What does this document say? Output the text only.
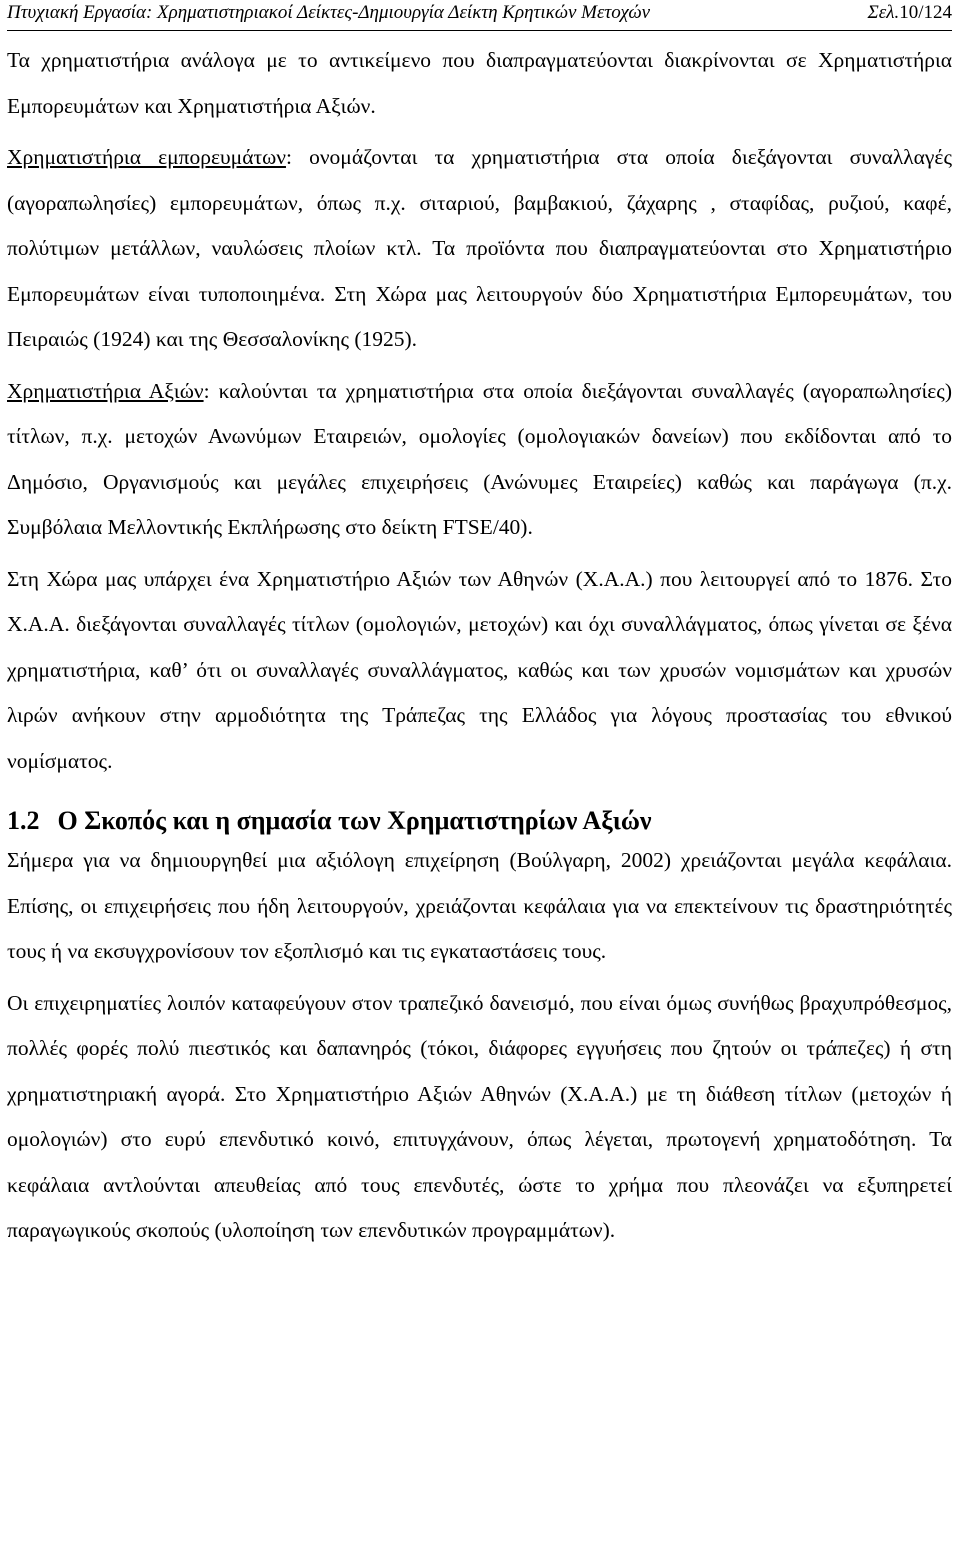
Πτυχιακή Εργασία: Χρηματιστηριακοί Δείκτες-Δημιουργία Δείκτη Κρητικών Μετοχών	Σελ.10/124

Τα χρηματιστήρια ανάλογα με το αντικείμενο που διαπραγματεύονται διακρίνονται σε Χρηματιστήρια Εμπορευμάτων και Χρηματιστήρια Αξιών.

Χρηματιστήρια εμπορευμάτων: ονομάζονται τα χρηματιστήρια στα οποία διεξάγονται συναλλαγές (αγοραπωλησίες) εμπορευμάτων, όπως π.χ. σιταριού, βαμβακιού, ζάχαρης , σταφίδας, ρυζιού, καφέ, πολύτιμων μετάλλων, ναυλώσεις πλοίων κτλ. Τα προϊόντα που διαπραγματεύονται στο Χρηματιστήριο Εμπορευμάτων είναι τυποποιημένα. Στη Χώρα μας λειτουργούν δύο Χρηματιστήρια Εμπορευμάτων, του Πειραιώς (1924) και της Θεσσαλονίκης (1925).

Χρηματιστήρια Αξιών: καλούνται τα χρηματιστήρια στα οποία διεξάγονται συναλλαγές (αγοραπωλησίες) τίτλων, π.χ. μετοχών Ανωνύμων Εταιρειών, ομολογίες (ομολογιακών δανείων) που εκδίδονται από το Δημόσιο, Οργανισμούς και μεγάλες επιχειρήσεις (Ανώνυμες Εταιρείες) καθώς και παράγωγα (π.χ. Συμβόλαια Μελλοντικής Εκπλήρωσης στο δείκτη FTSE/40).

Στη Χώρα μας υπάρχει ένα Χρηματιστήριο Αξιών των Αθηνών (Χ.Α.Α.) που λειτουργεί από το 1876. Στο Χ.Α.Α. διεξάγονται συναλλαγές τίτλων (ομολογιών, μετοχών) και όχι συναλλάγματος, όπως γίνεται σε ξένα χρηματιστήρια, καθ’ ότι οι συναλλαγές συναλλάγματος, καθώς και των χρυσών νομισμάτων και χρυσών λιρών ανήκουν στην αρμοδιότητα της Τράπεζας της Ελλάδος για λόγους προστασίας του εθνικού νομίσματος.

1.2 Ο Σκοπός και η σημασία των Χρηματιστηρίων Αξιών

Σήμερα για να δημιουργηθεί μια αξιόλογη επιχείρηση (Βούλγαρη, 2002) χρειάζονται μεγάλα κεφάλαια. Επίσης, οι επιχειρήσεις που ήδη λειτουργούν, χρειάζονται κεφάλαια για να επεκτείνουν τις δραστηριότητές τους ή να εκσυγχρονίσουν τον εξοπλισμό και τις εγκαταστάσεις τους.

Οι επιχειρηματίες λοιπόν καταφεύγουν στον τραπεζικό δανεισμό, που είναι όμως συνήθως βραχυπρόθεσμος, πολλές φορές πολύ πιεστικός και δαπανηρός (τόκοι, διάφορες εγγυήσεις που ζητούν οι τράπεζες) ή στη χρηματιστηριακή αγορά. Στο Χρηματιστήριο Αξιών Αθηνών (Χ.Α.Α.) με τη διάθεση τίτλων (μετοχών ή ομολογιών) στο ευρύ επενδυτικό κοινό, επιτυγχάνουν, όπως λέγεται, πρωτογενή χρηματοδότηση. Τα κεφάλαια αντλούνται απευθείας από τους επενδυτές, ώστε το χρήμα που πλεονάζει να εξυπηρετεί παραγωγικούς σκοπούς (υλοποίηση των επενδυτικών προγραμμάτων).
